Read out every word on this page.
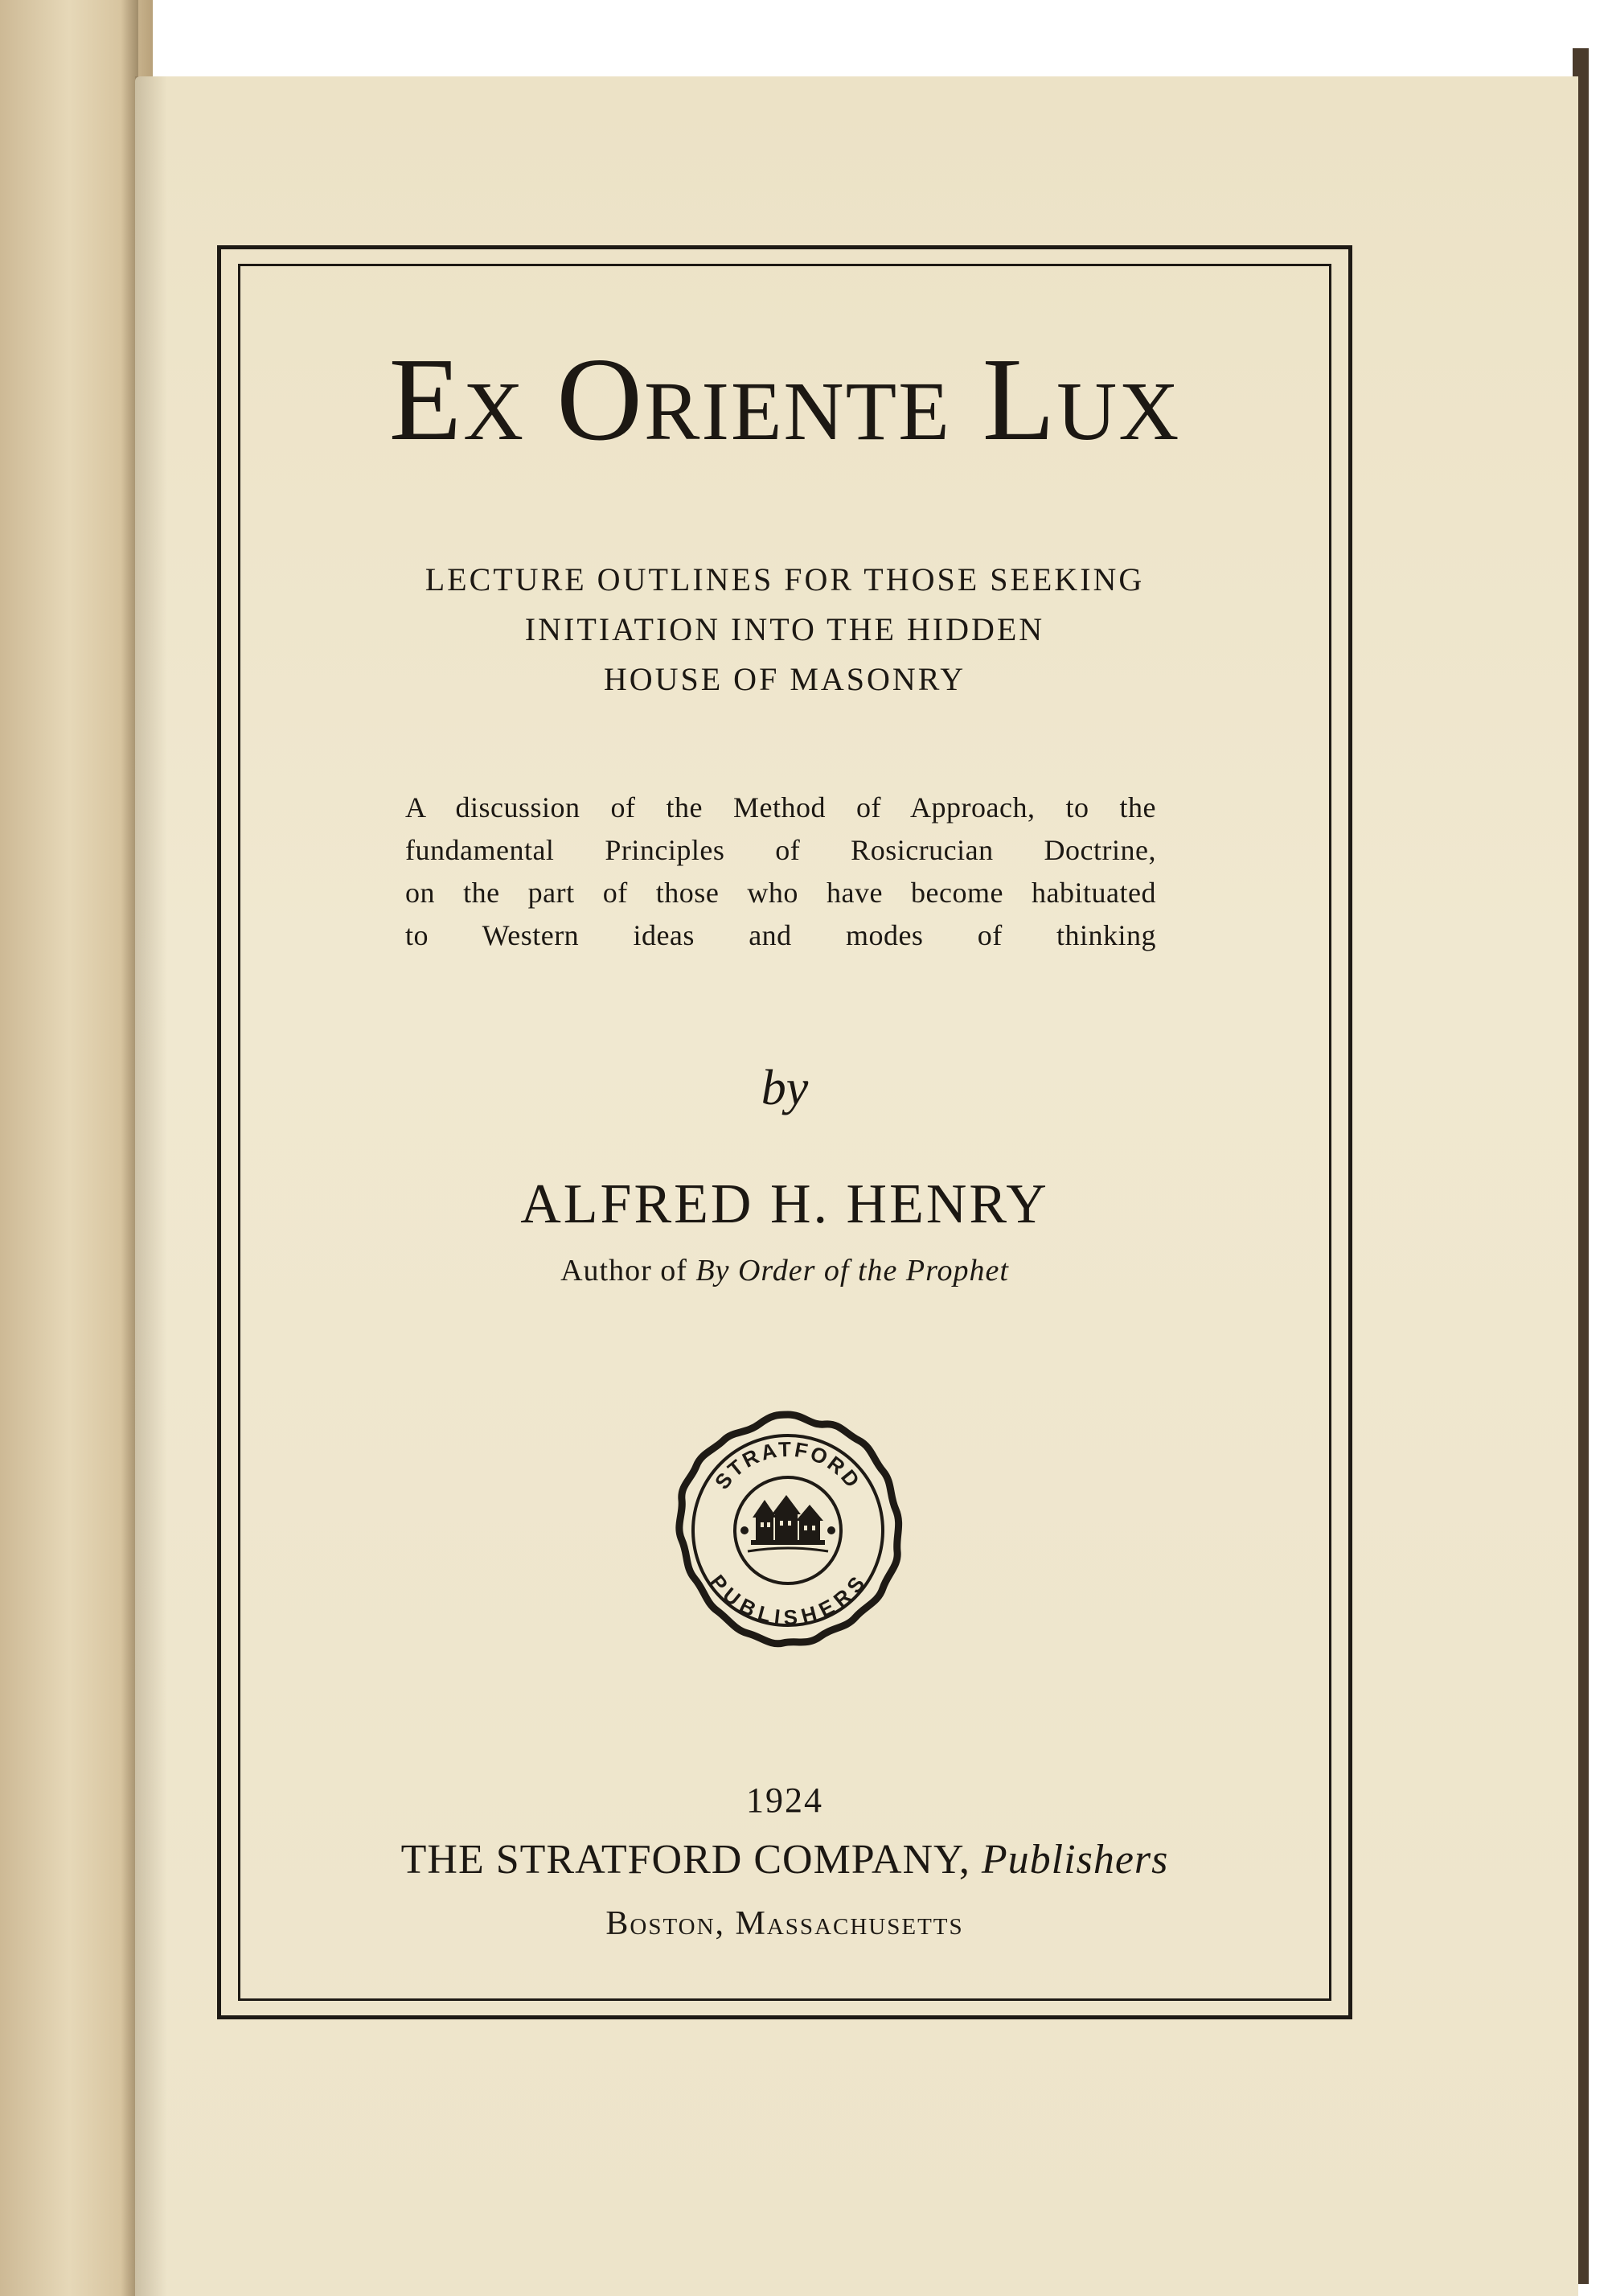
Ex Oriente Lux
LECTURE OUTLINES FOR THOSE SEEKING
INITIATION INTO THE HIDDEN
HOUSE OF MASONRY
A discussion of the Method of Approach, to the
fundamental Principles of Rosicrucian Doctrine,
on the part of those who have become habituated
to Western ideas and modes of thinking
by
ALFRED H. HENRY
Author of By Order of the Prophet
STRATFORD
PUBLISHERS
1924
THE STRATFORD COMPANY, Publishers
Boston, Massachusetts
